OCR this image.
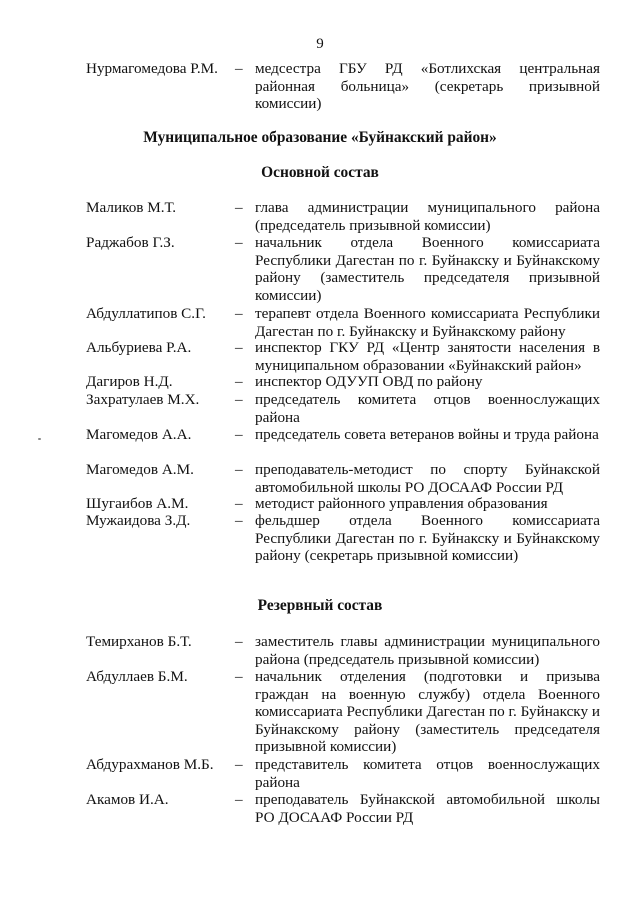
9
Нурмагомедова Р.М. – медсестра ГБУ РД «Ботлихская центральная районная больница» (секретарь призывной комиссии)
Муниципальное образование «Буйнакский район»
Основной состав
Маликов М.Т.	– глава администрации муниципального района (председатель призывной комиссии)
Раджабов Г.З.	– начальник отдела Военного комиссариата Республики Дагестан по г. Буйнакску и Буйнакскому району (заместитель председателя призывной комиссии)
Абдуллатипов С.Г. – терапевт отдела Военного комиссариата Республики Дагестан по г. Буйнакску и Буйнакскому району
Альбуриева Р.А.	– инспектор ГКУ РД «Центр занятости населения в муниципальном образовании «Буйнакский район»
Дагиров Н.Д.	– инспектор ОДУУП ОВД по району
Захратулаев М.Х. – председатель комитета отцов военнослужащих района
Магомедов А.А.	– председатель совета ветеранов войны и труда района
Магомедов А.М.	– преподаватель-методист по спорту Буйнакской автомобильной школы РО ДОСААФ России РД
Шугаибов А.М.	– методист районного управления образования
Мужаидова З.Д.	– фельдшер отдела Военного комиссариата Республики Дагестан по г. Буйнакску и Буйнакскому району (секретарь призывной комиссии)
Резервный состав
Темирханов Б.Т.	– заместитель главы администрации муниципального района (председатель призывной комиссии)
Абдуллаев Б.М.	– начальник отделения (подготовки и призыва граждан на военную службу) отдела Военного комиссариата Республики Дагестан по г. Буйнакску и Буйнакскому району (заместитель председателя призывной комиссии)
Абдурахманов М.Б. – представитель комитета отцов военнослужащих района
Акамов И.А.	– преподаватель Буйнакской автомобильной школы РО ДОСААФ России РД
